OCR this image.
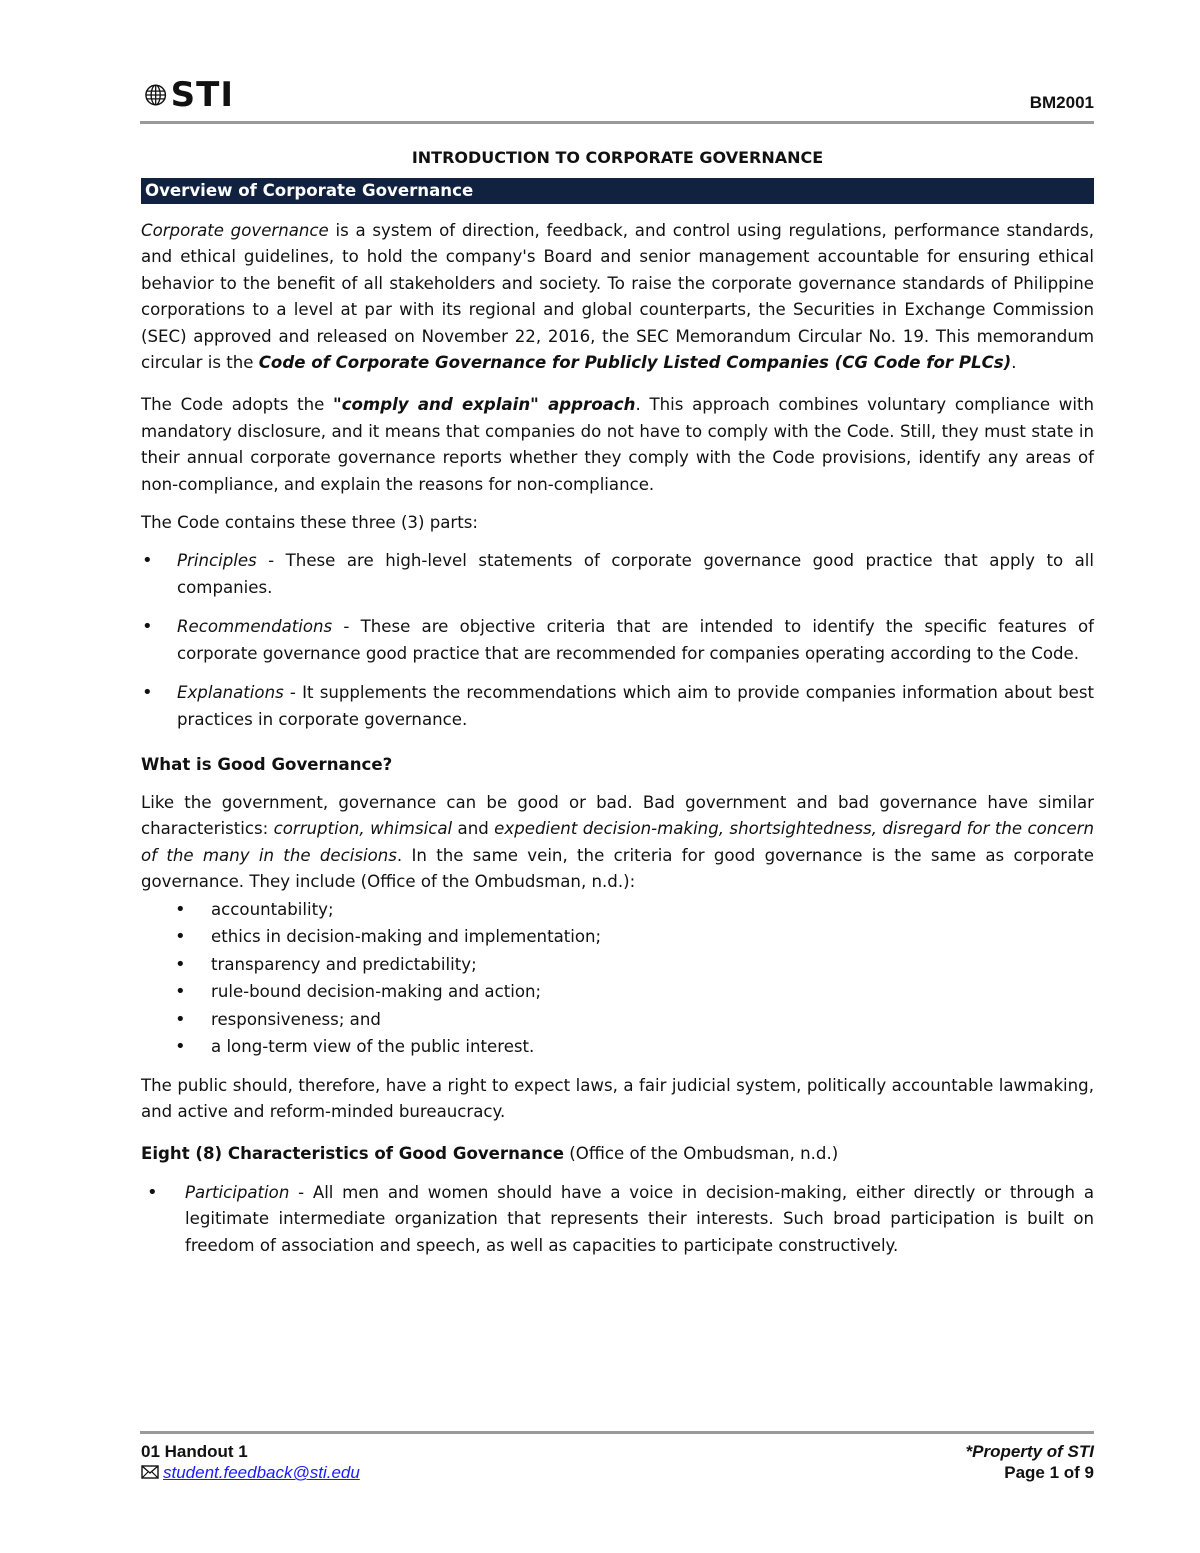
STI	BM2001
INTRODUCTION TO CORPORATE GOVERNANCE
Overview of Corporate Governance

Corporate governance is a system of direction, feedback, and control using regulations, performance standards, and ethical guidelines, to hold the company's Board and senior management accountable for ensuring ethical behavior to the benefit of all stakeholders and society. To raise the corporate governance standards of Philippine corporations to a level at par with its regional and global counterparts, the Securities in Exchange Commission (SEC) approved and released on November 22, 2016, the SEC Memorandum Circular No. 19. This memorandum circular is the Code of Corporate Governance for Publicly Listed Companies (CG Code for PLCs).

The Code adopts the "comply and explain" approach. This approach combines voluntary compliance with mandatory disclosure, and it means that companies do not have to comply with the Code. Still, they must state in their annual corporate governance reports whether they comply with the Code provisions, identify any areas of non-compliance, and explain the reasons for non-compliance.

The Code contains these three (3) parts:

• Principles - These are high-level statements of corporate governance good practice that apply to all companies.
• Recommendations - These are objective criteria that are intended to identify the specific features of corporate governance good practice that are recommended for companies operating according to the Code.
• Explanations - It supplements the recommendations which aim to provide companies information about best practices in corporate governance.
What is Good Governance?

Like the government, governance can be good or bad. Bad government and bad governance have similar characteristics: corruption, whimsical and expedient decision-making, shortsightedness, disregard for the concern of the many in the decisions. In the same vein, the criteria for good governance is the same as corporate governance. They include (Office of the Ombudsman, n.d.):

• accountability;
• ethics in decision-making and implementation;
• transparency and predictability;
• rule-bound decision-making and action;
• responsiveness; and
• a long-term view of the public interest.

The public should, therefore, have a right to expect laws, a fair judicial system, politically accountable lawmaking, and active and reform-minded bureaucracy.

Eight (8) Characteristics of Good Governance (Office of the Ombudsman, n.d.)

• Participation - All men and women should have a voice in decision-making, either directly or through a legitimate intermediate organization that represents their interests. Such broad participation is built on freedom of association and speech, as well as capacities to participate constructively.
01 Handout 1
student.feedback@sti.edu
*Property of STI
Page 1 of 9
